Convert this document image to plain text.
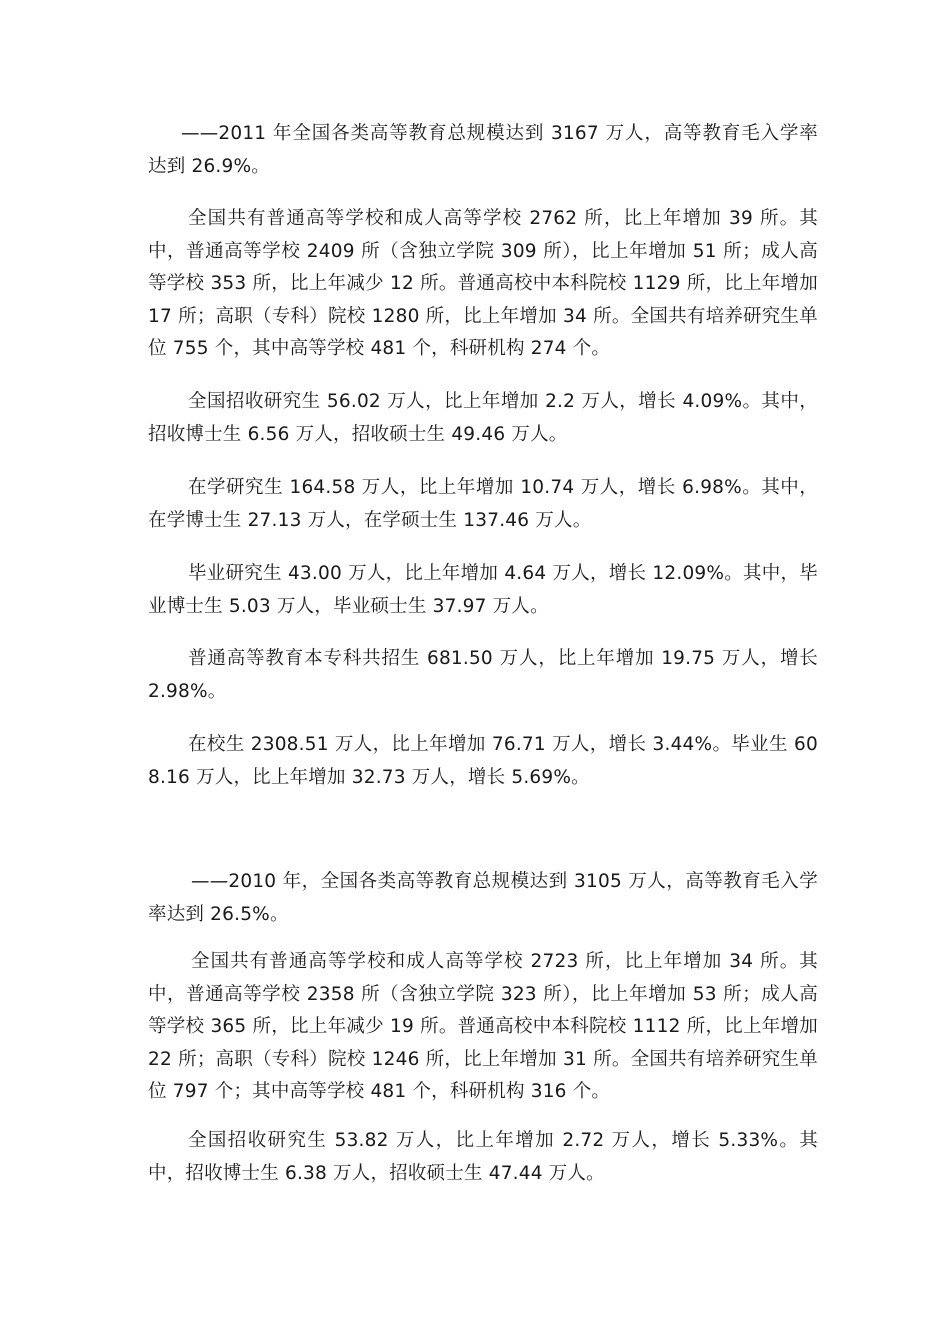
——2011 年全国各类高等教育总规模达到 3167 万人，高等教育毛入学率达到 26.9%。

全国共有普通高等学校和成人高等学校 2762 所，比上年增加 39 所。其中，普通高等学校 2409 所（含独立学院 309 所），比上年增加 51 所；成人高等学校 353 所，比上年减少 12 所。普通高校中本科院校 1129 所，比上年增加 17 所；高职（专科）院校 1280 所，比上年增加 34 所。全国共有培养研究生单位 755 个，其中高等学校 481 个，科研机构 274 个。

全国招收研究生 56.02 万人，比上年增加 2.2 万人，增长 4.09%。其中，招收博士生 6.56 万人，招收硕士生 49.46 万人。

在学研究生 164.58 万人，比上年增加 10.74 万人，增长 6.98%。其中，在学博士生 27.13 万人，在学硕士生 137.46 万人。

毕业研究生 43.00 万人，比上年增加 4.64 万人，增长 12.09%。其中，毕业博士生 5.03 万人，毕业硕士生 37.97 万人。

普通高等教育本专科共招生 681.50 万人，比上年增加 19.75 万人，增长 2.98%。

在校生 2308.51 万人，比上年增加 76.71 万人，增长 3.44%。毕业生 608.16 万人，比上年增加 32.73 万人，增长 5.69%。

——2010 年，全国各类高等教育总规模达到 3105 万人，高等教育毛入学率达到 26.5%。

全国共有普通高等学校和成人高等学校 2723 所，比上年增加 34 所。其中，普通高等学校 2358 所（含独立学院 323 所），比上年增加 53 所；成人高等学校 365 所，比上年减少 19 所。普通高校中本科院校 1112 所，比上年增加 22 所；高职（专科）院校 1246 所，比上年增加 31 所。全国共有培养研究生单位 797 个；其中高等学校 481 个，科研机构 316 个。

全国招收研究生 53.82 万人，比上年增加 2.72 万人，增长 5.33%。其中，招收博士生 6.38 万人，招收硕士生 47.44 万人。
